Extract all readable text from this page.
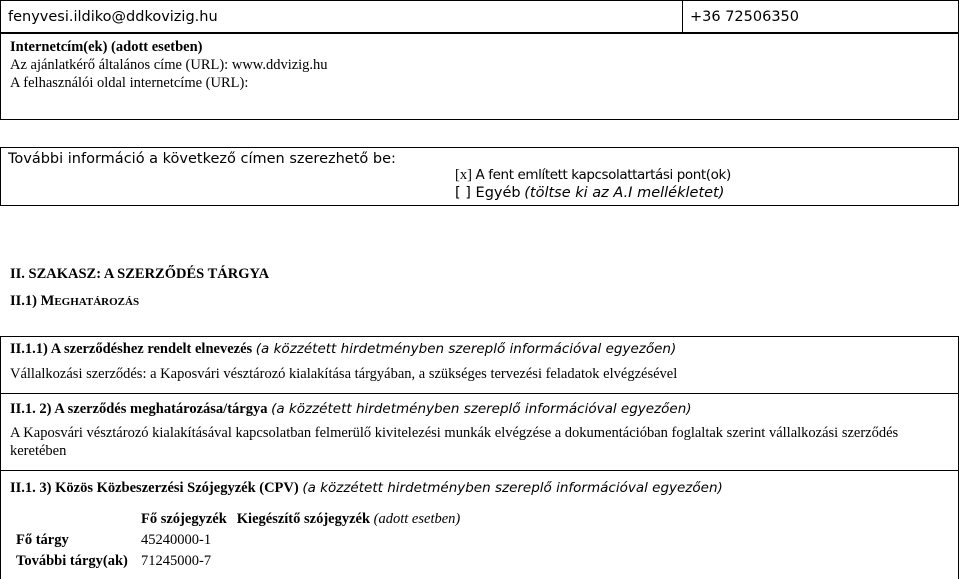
fenyvesi.ildiko@ddkovizig.hu	+36 72506350
Internetcím(ek) (adott esetben)
Az ajánlatkérő általános címe (URL): www.ddvizig.hu
A felhasználói oldal internetcíme (URL):
További információ a következő címen szerezhető be:
[x] A fent említett kapcsolattartási pont(ok)
[ ] Egyéb (töltse ki az A.I mellékletet)
II. SZAKASZ: A SZERZŐDÉS TÁRGYA
II.1) MEGHATÁROZÁS
II.1.1) A szerződéshez rendelt elnevezés (a közzétett hirdetményben szereplő információval egyezően)
Vállalkozási szerződés: a Kaposvári vésztározó kialakítása tárgyában, a szükséges tervezési feladatok elvégzésével
II.1. 2) A szerződés meghatározása/tárgya (a közzétett hirdetményben szereplő információval egyezően)
A Kaposvári vésztározó kialakításával kapcsolatban felmerülő kivitelezési munkák elvégzése a dokumentációban foglaltak szerint vállalkozási szerződés keretében
II.1. 3) Közös Közbeszerzési Szójegyzék (CPV) (a közzétett hirdetményben szereplő információval egyezően)
	Fő szójegyzék	Kiegészítő szójegyzék (adott esetben)
Fő tárgy	45240000-1	
További tárgy(ak)	71245000-7	
